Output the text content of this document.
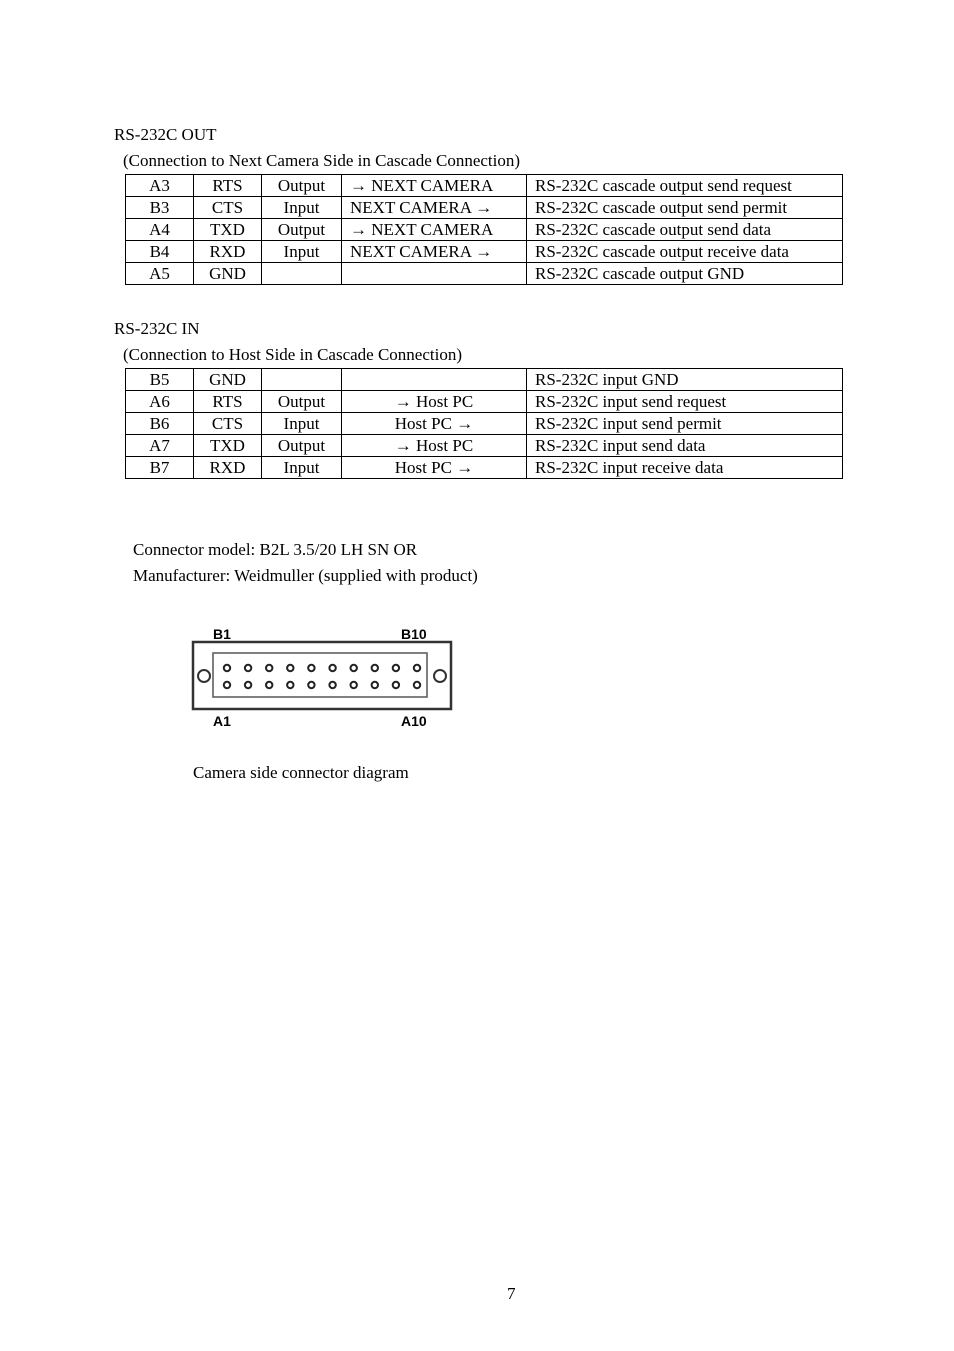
RS-232C OUT
(Connection to Next Camera Side in Cascade Connection)
A3	RTS	Output	→ NEXT CAMERA	RS-232C cascade output send request
B3	CTS	Input	NEXT CAMERA →	RS-232C cascade output send permit
A4	TXD	Output	→ NEXT CAMERA	RS-232C cascade output send data
B4	RXD	Input	NEXT CAMERA →	RS-232C cascade output receive data
A5	GND			RS-232C cascade output GND
RS-232C IN
(Connection to Host Side in Cascade Connection)
B5	GND			RS-232C input GND
A6	RTS	Output	→ Host PC	RS-232C input send request
B6	CTS	Input	Host PC →	RS-232C input send permit
A7	TXD	Output	→ Host PC	RS-232C input send data
B7	RXD	Input	Host PC →	RS-232C input receive data
Connector model: B2L 3.5/20 LH SN OR
Manufacturer: Weidmuller (supplied with product)
B1	B10
A1	A10
Camera side connector diagram
7
